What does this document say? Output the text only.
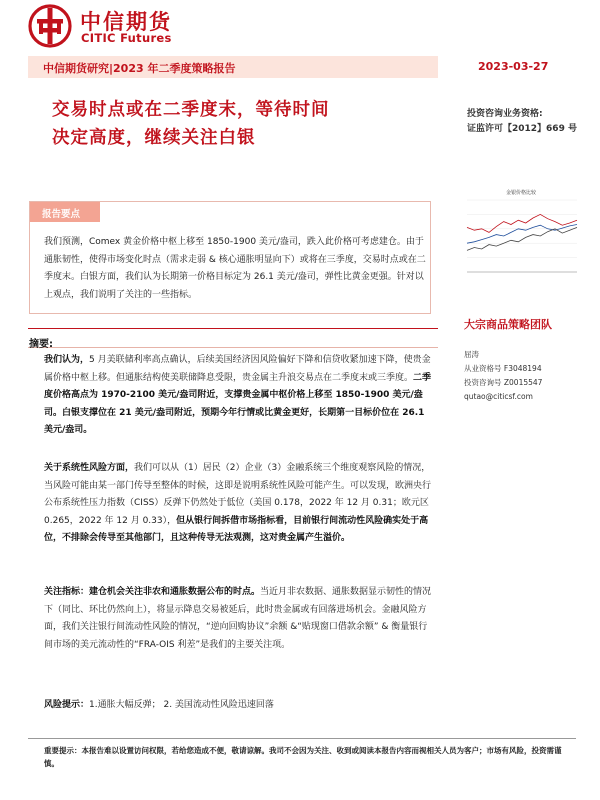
中信期货
CITIC Futures
中信期货研究|2023 年二季度策略报告	2023-03-27
交易时点或在二季度末，等待时间
决定高度，继续关注白银
投资咨询业务资格:
证监许可【2012】669 号
金银价格比较
报告要点
我们预测，Comex 黄金价格中枢上移至 1850-1900 美元/盎司，跌入此价格可考虑建仓。由于通胀韧性，使得市场变化时点（需求走弱 & 核心通胀明显向下）或将在三季度，交易时点或在二季度末。白银方面，我们认为长期第一价格目标定为 26.1 美元/盎司，弹性比黄金更强。针对以上观点，我们说明了关注的一些指标。
大宗商品策略团队
屈涛
从业资格号 F3048194
投资咨询号 Z0015547
qutao@citicsf.com
摘要:
我们认为，5 月美联储利率高点确认，后续美国经济因风险偏好下降和信贷收紧加速下降，使贵金属价格中枢上移。但通胀结构使美联储降息受限，贵金属主升浪交易点在二季度末或三季度。二季度价格高点为 1970-2100 美元/盎司附近，支撑贵金属中枢价格上移至 1850-1900 美元/盎司。白银支撑位在 21 美元/盎司附近，预期今年行情或比黄金更好，长期第一目标价位在 26.1 美元/盎司。
关于系统性风险方面，我们可以从（1）居民（2）企业（3）金融系统三个维度观察风险的情况，当风险可能由某一部门传导至整体的时候，这即是说明系统性风险可能产生。可以发现，欧洲央行公布系统性压力指数（CISS）反弹下仍然处于低位（美国 0.178，2022 年 12 月 0.31；欧元区 0.265，2022 年 12 月 0.33），但从银行间拆借市场指标看，目前银行间流动性风险确实处于高位，不排除会传导至其他部门，且这种传导无法观测，这对贵金属产生溢价。
关注指标：建仓机会关注非农和通胀数据公布的时点。当近月非农数据、通胀数据显示韧性的情况下（同比、环比仍然向上），将显示降息交易被延后，此时贵金属或有回落进场机会。金融风险方面，我们关注银行间流动性风险的情况，“逆向回购协议”余额 &“贴现窗口借款余额” & 衡量银行间市场的美元流动性的“FRA-OIS 利差”是我们的主要关注项。
风险提示：1.通胀大幅反弹； 2. 美国流动性风险迅速回落
重要提示：本报告难以设置访问权限，若给您造成不便，敬请谅解。我司不会因为关注、收到或阅读本报告内容而视相关人员为客户；市场有风险，投资需谨慎。
